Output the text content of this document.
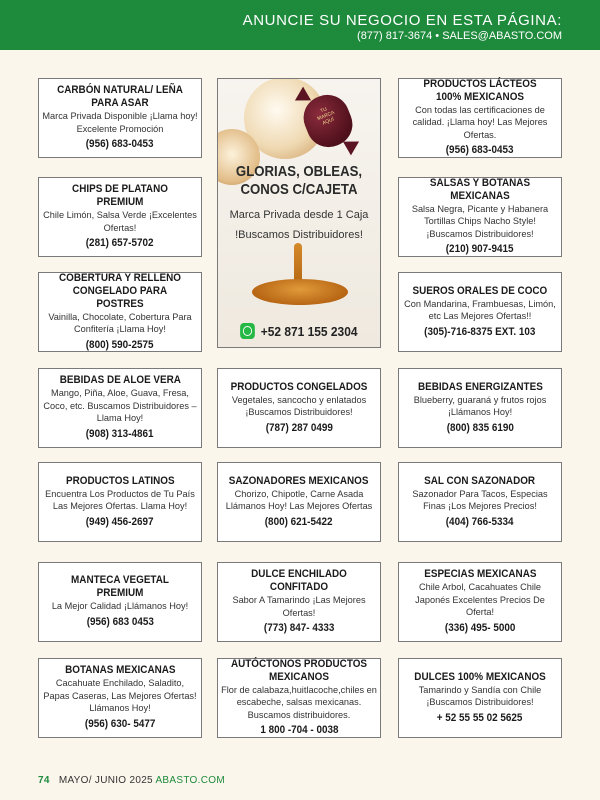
ANUNCIE SU NEGOCIO EN ESTA PÁGINA:
(877) 817-3674 • SALES@ABASTO.COM
CARBÓN NATURAL/ LEÑA PARA ASAR
Marca Privada Disponible ¡Llama hoy! Excelente Promoción
(956) 683-0453
PRODUCTOS LÁCTEOS 100% MEXICANOS
Con todas las certificaciones de calidad. ¡Llama hoy! Las Mejores Ofertas.
(956) 683-0453
CHIPS DE PLATANO PREMIUM
Chile Limón, Salsa Verde ¡Excelentes Ofertas!
(281) 657-5702
SALSAS Y BOTANAS MEXICANAS
Salsa Negra, Picante y Habanera Tortillas Chips Nacho Style! ¡Buscamos Distribuidores!
(210) 907-9415
COBERTURA Y RELLENO CONGELADO PARA POSTRES
Vainilla, Chocolate, Cobertura Para Confitería ¡Llama Hoy!
(800) 590-2575
SUEROS ORALES DE COCO
Con Mandarina, Frambuesas, Limón, etc Las Mejores Ofertas!!
(305)-716-8375 EXT. 103
TU MARCA AQUÍ
GLORIAS, OBLEAS,
CONOS C/CAJETA
Marca Privada desde 1 Caja
!Buscamos Distribuidores!
+52 871 155 2304
BEBIDAS DE ALOE VERA
Mango, Piña, Aloe, Guava, Fresa, Coco, etc. Buscamos Distribuidores – Llama Hoy!
(908) 313-4861
PRODUCTOS CONGELADOS
Vegetales, sancocho y enlatados ¡Buscamos Distribuidores!
(787) 287 0499
BEBIDAS ENERGIZANTES
Blueberry, guaraná y frutos rojos ¡Llámanos Hoy!
(800) 835 6190
PRODUCTOS LATINOS
Encuentra Los Productos de Tu País Las Mejores Ofertas. Llama Hoy!
(949) 456-2697
SAZONADORES MEXICANOS
Chorizo, Chipotle, Carne Asada Llámanos Hoy! Las Mejores Ofertas
(800) 621-5422
SAL CON SAZONADOR
Sazonador Para Tacos, Especias Finas ¡Los Mejores Precios!
(404) 766-5334
MANTECA VEGETAL PREMIUM
La Mejor Calidad ¡Llámanos Hoy!
(956) 683 0453
DULCE ENCHILADO CONFITADO
Sabor A Tamarindo ¡Las Mejores Ofertas!
(773) 847- 4333
ESPECIAS MEXICANAS
Chile Arbol, Cacahuates Chile Japonés Excelentes Precios De Oferta!
(336) 495- 5000
BOTANAS MEXICANAS
Cacahuate Enchilado, Saladito, Papas Caseras, Las Mejores Ofertas! Llámanos Hoy!
(956) 630- 5477
AUTÓCTONOS PRODUCTOS MEXICANOS
Flor de calabaza,huitlacoche,chiles en escabeche, salsas mexicanas. Buscamos distribuidores.
1 800 -704 - 0038
DULCES 100% MEXICANOS
Tamarindo y Sandía con Chile ¡Buscamos Distribuidores!
+ 52 55 55 02 5625
74 MAYO/ JUNIO 2025 ABASTO.COM
